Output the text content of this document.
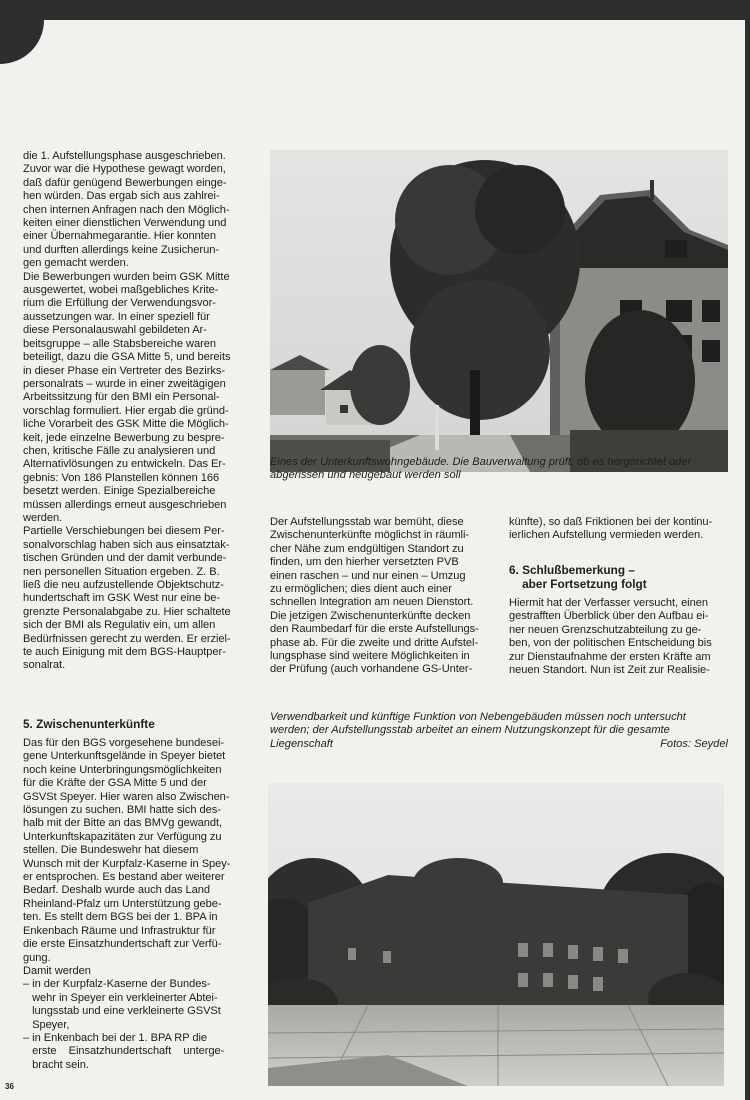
die 1. Aufstellungsphase ausgeschrieben.
Zuvor war die Hypothese gewagt worden,
daß dafür genügend Bewerbungen einge-
hen würden. Das ergab sich aus zahlrei-
chen internen Anfragen nach den Möglich-
keiten einer dienstlichen Verwendung und
einer Übernahmegarantie. Hier konnten
und durften allerdings keine Zusicherun-
gen gemacht werden.
Die Bewerbungen wurden beim GSK Mitte
ausgewertet, wobei maßgebliches Krite-
rium die Erfüllung der Verwendungsvor-
aussetzungen war. In einer speziell für
diese Personalauswahl gebildeten Ar-
beitsgruppe – alle Stabsbereiche waren
beteiligt, dazu die GSA Mitte 5, und bereits
in dieser Phase ein Vertreter des Bezirks-
personalrats – wurde in einer zweitägigen
Arbeitssitzung für den BMI ein Personal-
vorschlag formuliert. Hier ergab die gründ-
liche Vorarbeit des GSK Mitte die Möglich-
keit, jede einzelne Bewerbung zu bespre-
chen, kritische Fälle zu analysieren und
Alternativlösungen zu entwickeln. Das Er-
gebnis: Von 186 Planstellen können 166
besetzt werden. Einige Spezialbereiche
müssen allerdings erneut ausgeschrieben
werden.
Partielle Verschiebungen bei diesem Per-
sonalvorschlag haben sich aus einsatztak-
tischen Gründen und der damit verbunde-
nen personellen Situation ergeben. Z. B.
ließ die neu aufzustellende Objektschutz-
hundertschaft im GSK West nur eine be-
grenzte Personalabgabe zu. Hier schaltete
sich der BMI als Regulativ ein, um allen
Bedürfnissen gerecht zu werden. Er erziel-
te auch Einigung mit dem BGS-Hauptper-
sonalrat.

Eines der Unterkunftswohngebäude. Die Bauverwaltung prüft, ob es hergerichtet oder
abgerissen und neugebaut werden soll

Der Aufstellungsstab war bemüht, diese
Zwischenunterkünfte möglichst in räumli-
cher Nähe zum endgültigen Standort zu
finden, um den hierher versetzten PVB
einen raschen – und nur einen – Umzug
zu ermöglichen; dies dient auch einer
schnellen Integration am neuen Dienstort.
Die jetzigen Zwischenunterkünfte decken
den Raumbedarf für die erste Aufstellungs-
phase ab. Für die zweite und dritte Aufstel-
lungsphase sind weitere Möglichkeiten in
der Prüfung (auch vorhandene GS-Unter-

künfte), so daß Friktionen bei der kontinu-
ierlichen Aufstellung vermieden werden.

6. Schlußbemerkung –
aber Fortsetzung folgt

Hiermit hat der Verfasser versucht, einen
gestrafften Überblick über den Aufbau ei-
ner neuen Grenzschutzabteilung zu ge-
ben, von der politischen Entscheidung bis
zur Dienstaufnahme der ersten Kräfte am
neuen Standort. Nun ist Zeit zur Realisie-

5. Zwischenunterkünfte

Das für den BGS vorgesehene bundesei-
gene Unterkunftsgelände in Speyer bietet
noch keine Unterbringungsmöglichkeiten
für die Kräfte der GSA Mitte 5 und der
GSVSt Speyer. Hier waren also Zwischen-
lösungen zu suchen. BMI hatte sich des-
halb mit der Bitte an das BMVg gewandt,
Unterkunftskapazitäten zur Verfügung zu
stellen. Die Bundeswehr hat diesem
Wunsch mit der Kurpfalz-Kaserne in Spey-
er entsprochen. Es bestand aber weiterer
Bedarf. Deshalb wurde auch das Land
Rheinland-Pfalz um Unterstützung gebe-
ten. Es stellt dem BGS bei der 1. BPA in
Enkenbach Räume und Infrastruktur für
die erste Einsatzhundertschaft zur Verfü-
gung.
Damit werden
– in der Kurpfalz-Kaserne der Bundes-
wehr in Speyer ein verkleinerter Abtei-
lungsstab und eine verkleinerte GSVSt
Speyer,
– in Enkenbach bei der 1. BPA RP die
erste    Einsatzhundertschaft    unterge-
bracht sein.

Verwendbarkeit und künftige Funktion von Nebengebäuden müssen noch untersucht
werden; der Aufstellungsstab arbeitet an einem Nutzungskonzept für die gesamte
Liegenschaft	Fotos: Seydel

36
